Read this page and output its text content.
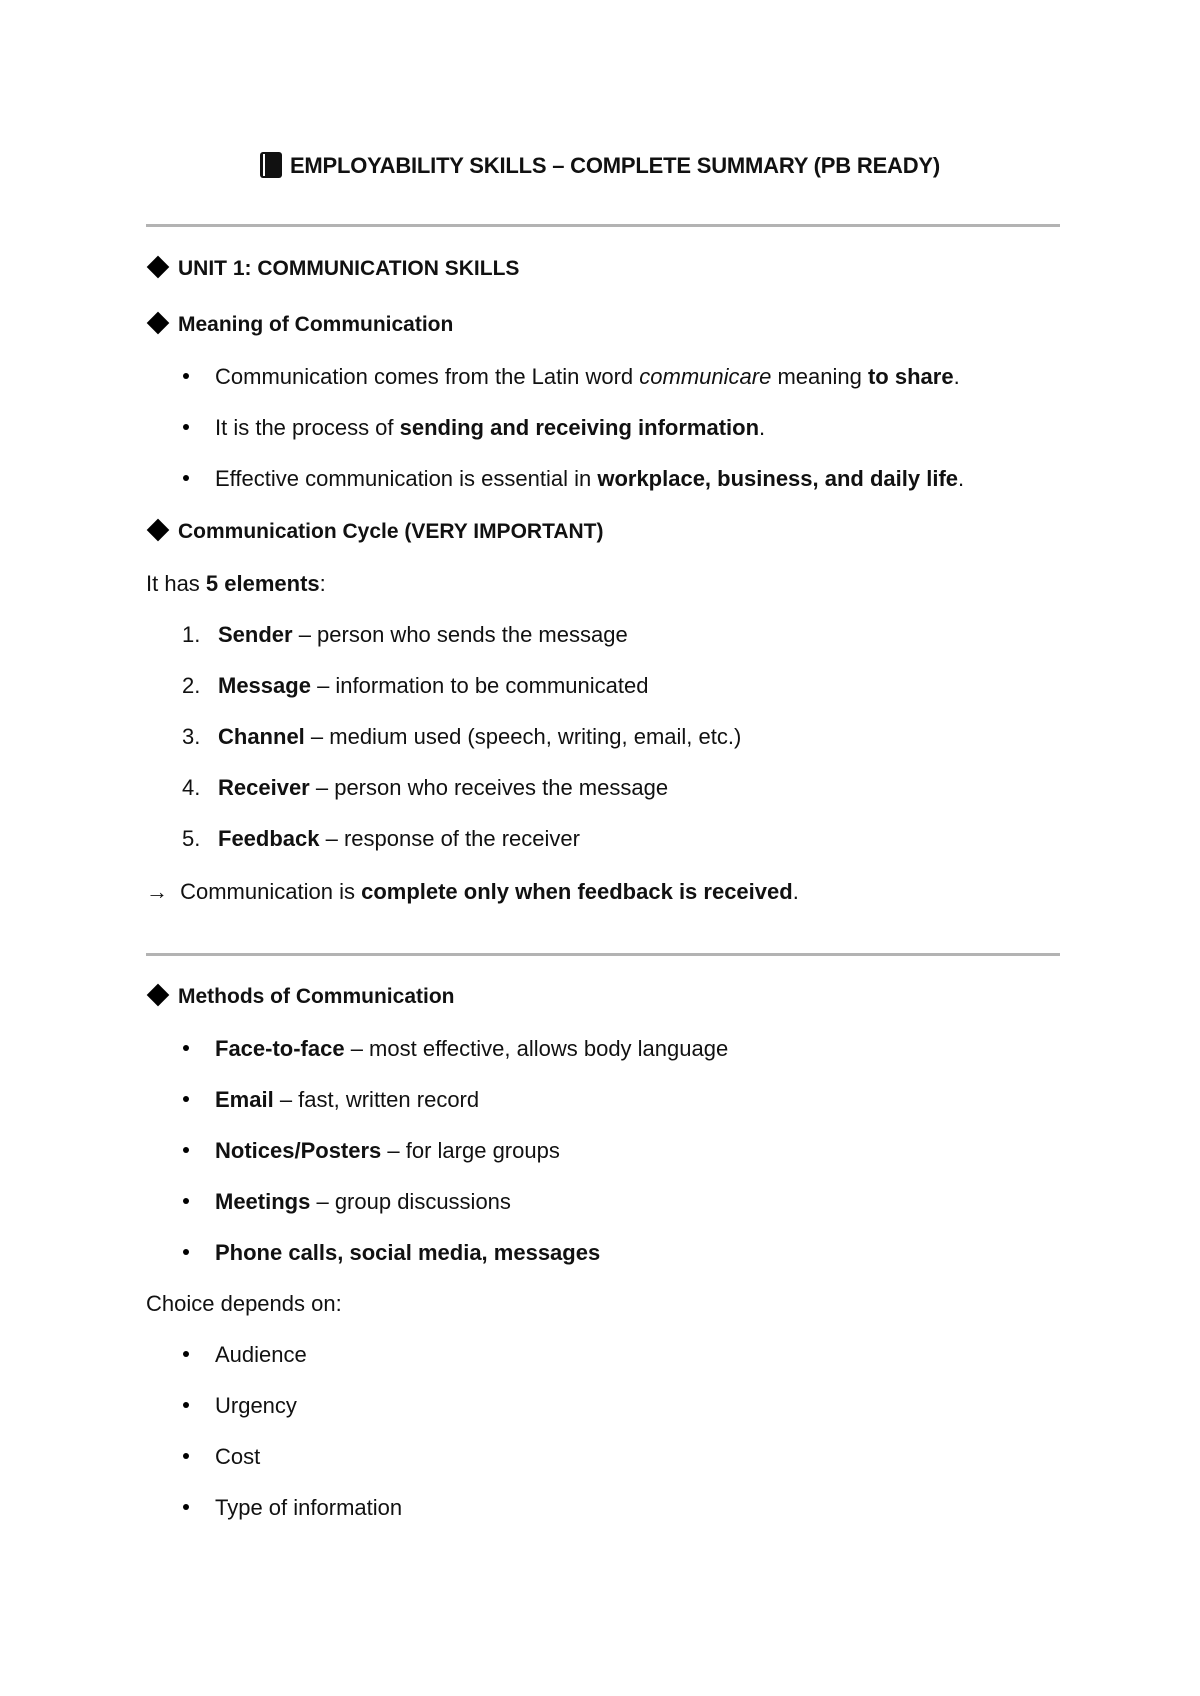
EMPLOYABILITY SKILLS – COMPLETE SUMMARY (PB READY)
UNIT 1: COMMUNICATION SKILLS
Meaning of Communication
Communication comes from the Latin word communicare meaning to share.
It is the process of sending and receiving information.
Effective communication is essential in workplace, business, and daily life.
Communication Cycle (VERY IMPORTANT)
It has 5 elements:
1. Sender – person who sends the message
2. Message – information to be communicated
3. Channel – medium used (speech, writing, email, etc.)
4. Receiver – person who receives the message
5. Feedback – response of the receiver
→ Communication is complete only when feedback is received.
Methods of Communication
Face-to-face – most effective, allows body language
Email – fast, written record
Notices/Posters – for large groups
Meetings – group discussions
Phone calls, social media, messages
Choice depends on:
Audience
Urgency
Cost
Type of information
